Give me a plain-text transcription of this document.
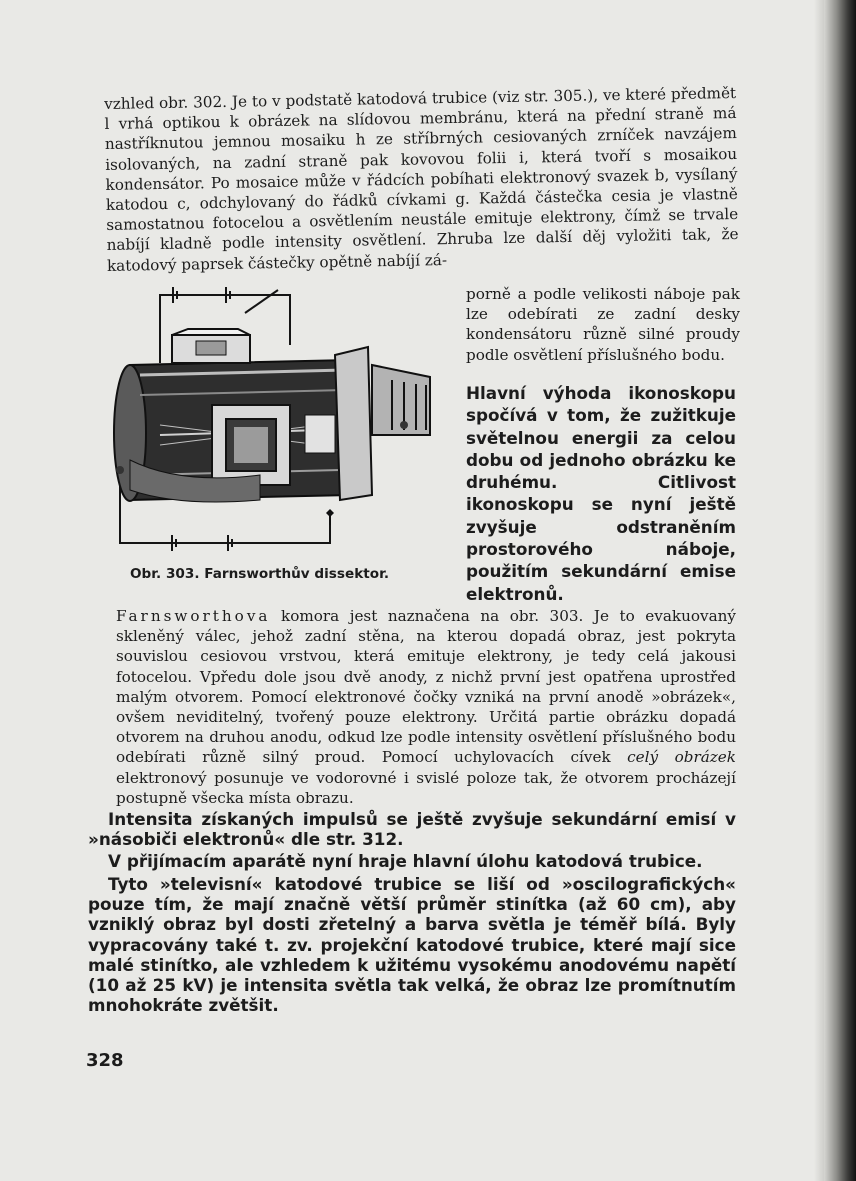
vzhled obr. 302. Je to v podstatě katodová trubice (viz str. 305.), ve které předmět l vrhá optikou k obrázek na slídovou membránu, která na přední straně má nastříknutou jemnou mosaiku h ze stříbrných cesiovaných zrníček navzájem isolovaných, na zadní straně pak kovovou folii i, která tvoří s mosaikou kondensátor. Po mosaice může v řádcích pobíhati elektronový svazek b, vysílaný katodou c, odchylovaný do řádků cívkami g. Každá částečka cesia je vlastně samostatnou fotocelou a osvětlením neustále emituje elektrony, čímž se trvale nabíjí kladně podle intensity osvětlení. Zhruba lze další děj vyložiti tak, že katodový paprsek částečky opětně nabíjí zá-
porně a podle velikosti náboje pak lze odebírati ze zadní desky kondensátoru různě silné proudy podle osvětlení příslušného bodu.
Hlavní výhoda ikonoskopu spočívá v tom, že zužitkuje světelnou energii za celou dobu od jednoho obrázku ke druhému. Citlivost ikonoskopu se nyní ještě zvyšuje odstraněním prostorového náboje, použitím sekundární emise elektronů.
Obr. 303. Farnsworthův dissektor.
Farnsworthova komora jest naznačena na obr. 303. Je to evakuovaný skleněný válec, jehož zadní stěna, na kterou dopadá obraz, jest pokryta souvislou cesiovou vrstvou, která emituje elektrony, je tedy celá jakousi fotocelou. Vpředu dole jsou dvě anody, z nichž první jest opatřena uprostřed malým otvorem. Pomocí elektronové čočky vzniká na první anodě »obrázek«, ovšem neviditelný, tvořený pouze elektrony. Určitá partie obrázku dopadá otvorem na druhou anodu, odkud lze podle intensity osvětlení příslušného bodu odebírati různě silný proud. Pomocí uchylovacích cívek celý obrázek elektronový posunuje ve vodorovné i svislé poloze tak, že otvorem procházejí postupně všecka místa obrazu.
Intensita získaných impulsů se ještě zvyšuje sekundární emisí v »násobiči elektronů« dle str. 312.
V přijímacím aparátě nyní hraje hlavní úlohu katodová trubice.
Tyto »televisní« katodové trubice se liší od »oscilografických« pouze tím, že mají značně větší průměr stinítka (až 60 cm), aby vzniklý obraz byl dosti zřetelný a barva světla je téměř bílá. Byly vypracovány také t. zv. projekční katodové trubice, které mají sice malé stinítko, ale vzhledem k užitému vysokému anodovému napětí (10 až 25 kV) je intensita světla tak velká, že obraz lze promítnutím mnohokráte zvětšit.
328
